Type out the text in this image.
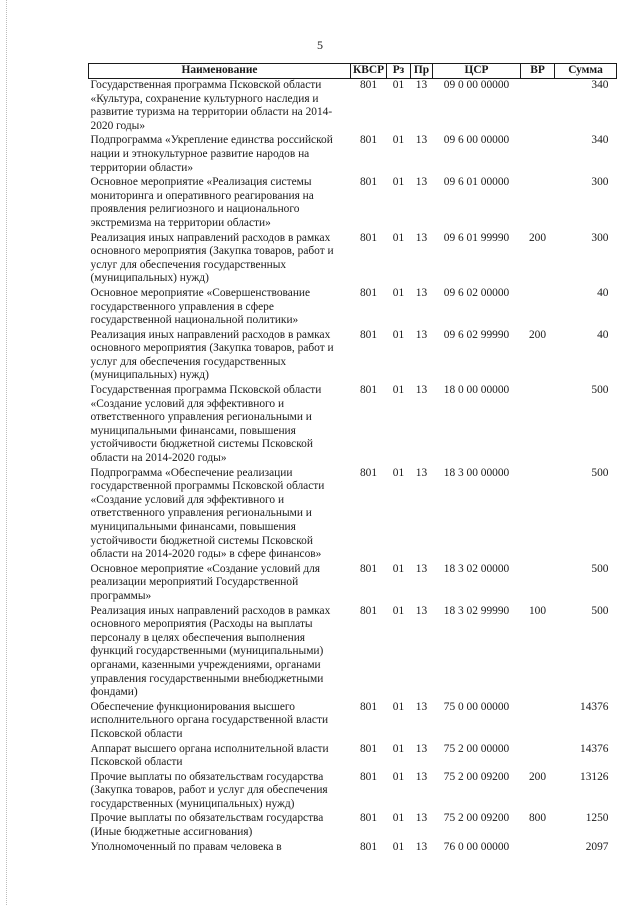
5
Наименование	КВСР	Рз	Пр	ЦСР	ВР	Сумма
Государственная программа Псковской области «Культура, сохранение культурного наследия и развитие туризма на территории области на 2014-2020 годы»	801	01	13	09 0 00 00000		340
Подпрограмма «Укрепление единства российской нации и этнокультурное развитие народов на территории области»	801	01	13	09 6 00 00000		340
Основное мероприятие «Реализация системы мониторинга и оперативного реагирования на проявления религиозного и национального экстремизма на территории области»	801	01	13	09 6 01 00000		300
Реализация иных направлений расходов в рамках основного мероприятия (Закупка товаров, работ и услуг для обеспечения государственных (муниципальных) нужд)	801	01	13	09 6 01 99990	200	300
Основное мероприятие «Совершенствование государственного управления в сфере государственной национальной политики»	801	01	13	09 6 02 00000		40
Реализация иных направлений расходов в рамках основного мероприятия (Закупка товаров, работ и услуг для обеспечения государственных (муниципальных) нужд)	801	01	13	09 6 02 99990	200	40
Государственная программа Псковской области «Создание условий для эффективного и ответственного управления региональными и муниципальными финансами, повышения устойчивости бюджетной системы Псковской области на 2014-2020 годы»	801	01	13	18 0 00 00000		500
Подпрограмма «Обеспечение реализации государственной программы Псковской области «Создание условий для эффективного и ответственного управления региональными и муниципальными финансами, повышения устойчивости бюджетной системы Псковской области на 2014-2020 годы» в сфере финансов»	801	01	13	18 3 00 00000		500
Основное мероприятие «Создание условий для реализации мероприятий Государственной программы»	801	01	13	18 3 02 00000		500
Реализация иных направлений расходов в рамках основного мероприятия (Расходы на выплаты персоналу в целях обеспечения выполнения функций государственными (муниципальными) органами, казенными учреждениями, органами управления государственными внебюджетными фондами)	801	01	13	18 3 02 99990	100	500
Обеспечение функционирования высшего исполнительного органа государственной власти Псковской области	801	01	13	75 0 00 00000		14376
Аппарат высшего органа исполнительной власти Псковской области	801	01	13	75 2 00 00000		14376
Прочие выплаты по обязательствам государства (Закупка товаров, работ и услуг для обеспечения государственных (муниципальных) нужд)	801	01	13	75 2 00 09200	200	13126
Прочие выплаты по обязательствам государства (Иные бюджетные ассигнования)	801	01	13	75 2 00 09200	800	1250
Уполномоченный по правам человека в	801	01	13	76 0 00 00000		2097
